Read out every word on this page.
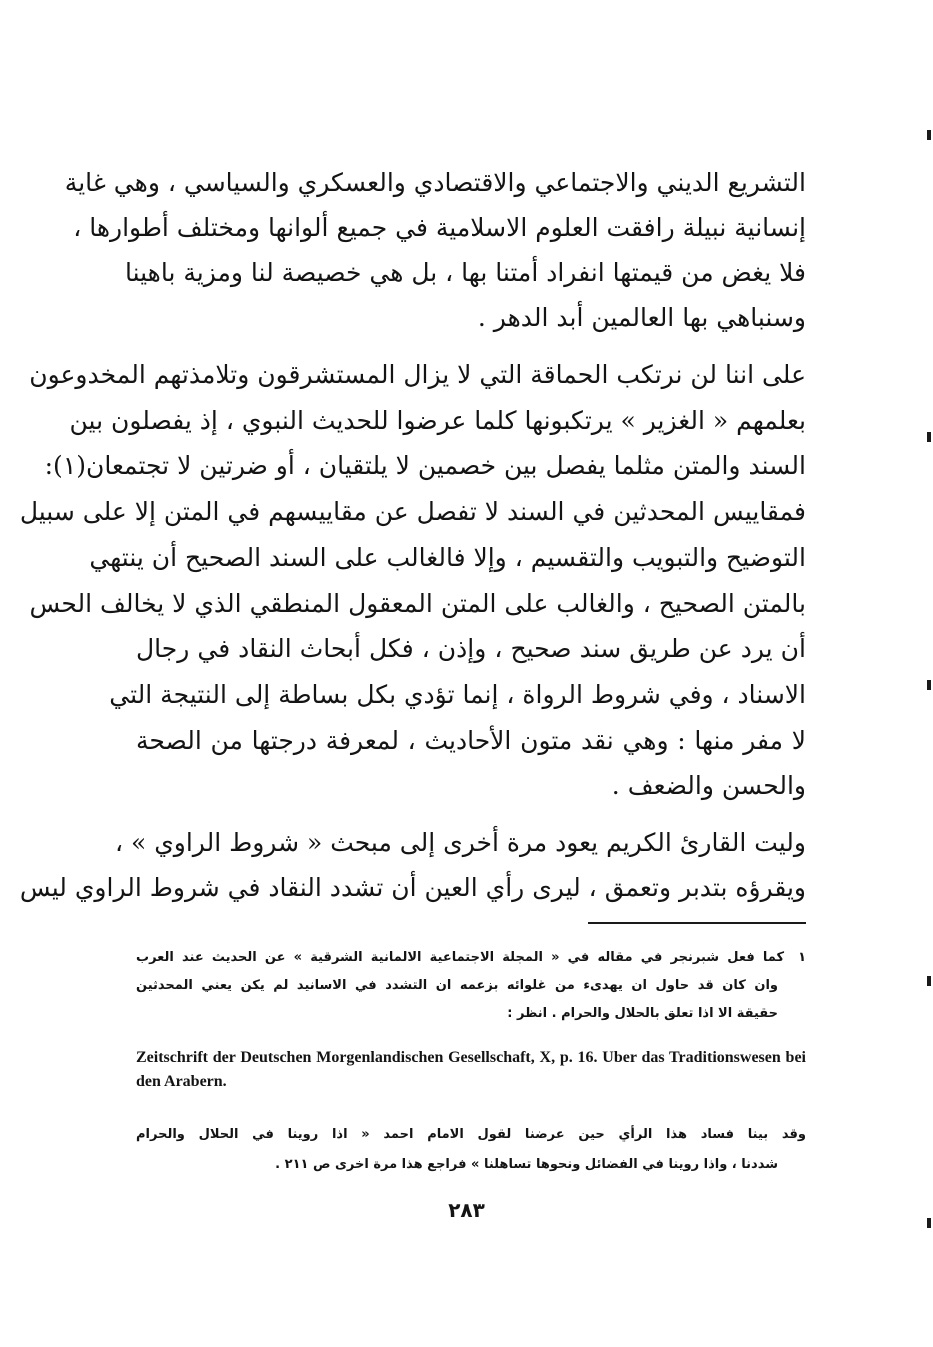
التشريع الديني والاجتماعي والاقتصادي والعسكري والسياسي ، وهي غاية
إنسانية نبيلة رافقت العلوم الاسلامية في جميع ألوانها ومختلف أطوارها ،
فلا يغض من قيمتها انفراد أمتنا بها ، بل هي خصيصة لنا ومزية باهينا
وسنباهي بها العالمين أبد الدهر .
على اننا لن نرتكب الحماقة التي لا يزال المستشرقون وتلامذتهم المخدوعون
بعلمهم « الغزير » يرتكبونها كلما عرضوا للحديث النبوي ، إذ يفصلون بين
السند والمتن مثلما يفصل بين خصمين لا يلتقيان ، أو ضرتين لا تجتمعان(١):
فمقاييس المحدثين في السند لا تفصل عن مقاييسهم في المتن إلا على سبيل
التوضيح والتبويب والتقسيم ، وإلا فالغالب على السند الصحيح أن ينتهي
بالمتن الصحيح ، والغالب على المتن المعقول المنطقي الذي لا يخالف الحس
أن يرد عن طريق سند صحيح ، وإذن ، فكل أبحاث النقاد في رجال
الاسناد ، وفي شروط الرواة ، إنما تؤدي بكل بساطة إلى النتيجة التي
لا مفر منها : وهي نقد متون الأحاديث ، لمعرفة درجتها من الصحة
والحسن والضعف .
وليت القارئ الكريم يعود مرة أخرى إلى مبحث « شروط الراوي » ،
ويقرؤه بتدبر وتعمق ، ليرى رأي العين أن تشدد النقاد في شروط الراوي ليس
١كما فعل شبرنجر في مقاله في « المجلة الاجتماعية الالمانية الشرقية » عن الحديث عند العرب
وان كان قد حاول ان يهدىء من غلوائه بزعمه ان التشدد في الاسانيد لم يكن يعني المحدثين
حقيقة الا اذا تعلق بالحلال والحرام . انظر :
Zeitschrift der Deutschen Morgenlandischen Gesellschaft, X, p. 16. Uber das Traditionswesen bei den Arabern.
وقد بينا فساد هذا الرأي حين عرضنا لقول الامام احمد « اذا روينا في الحلال والحرام
شددنا ، واذا روينا في الفضائل ونحوها تساهلنا » فراجع هذا مرة اخرى ص ٢١١ .
٢٨٣
